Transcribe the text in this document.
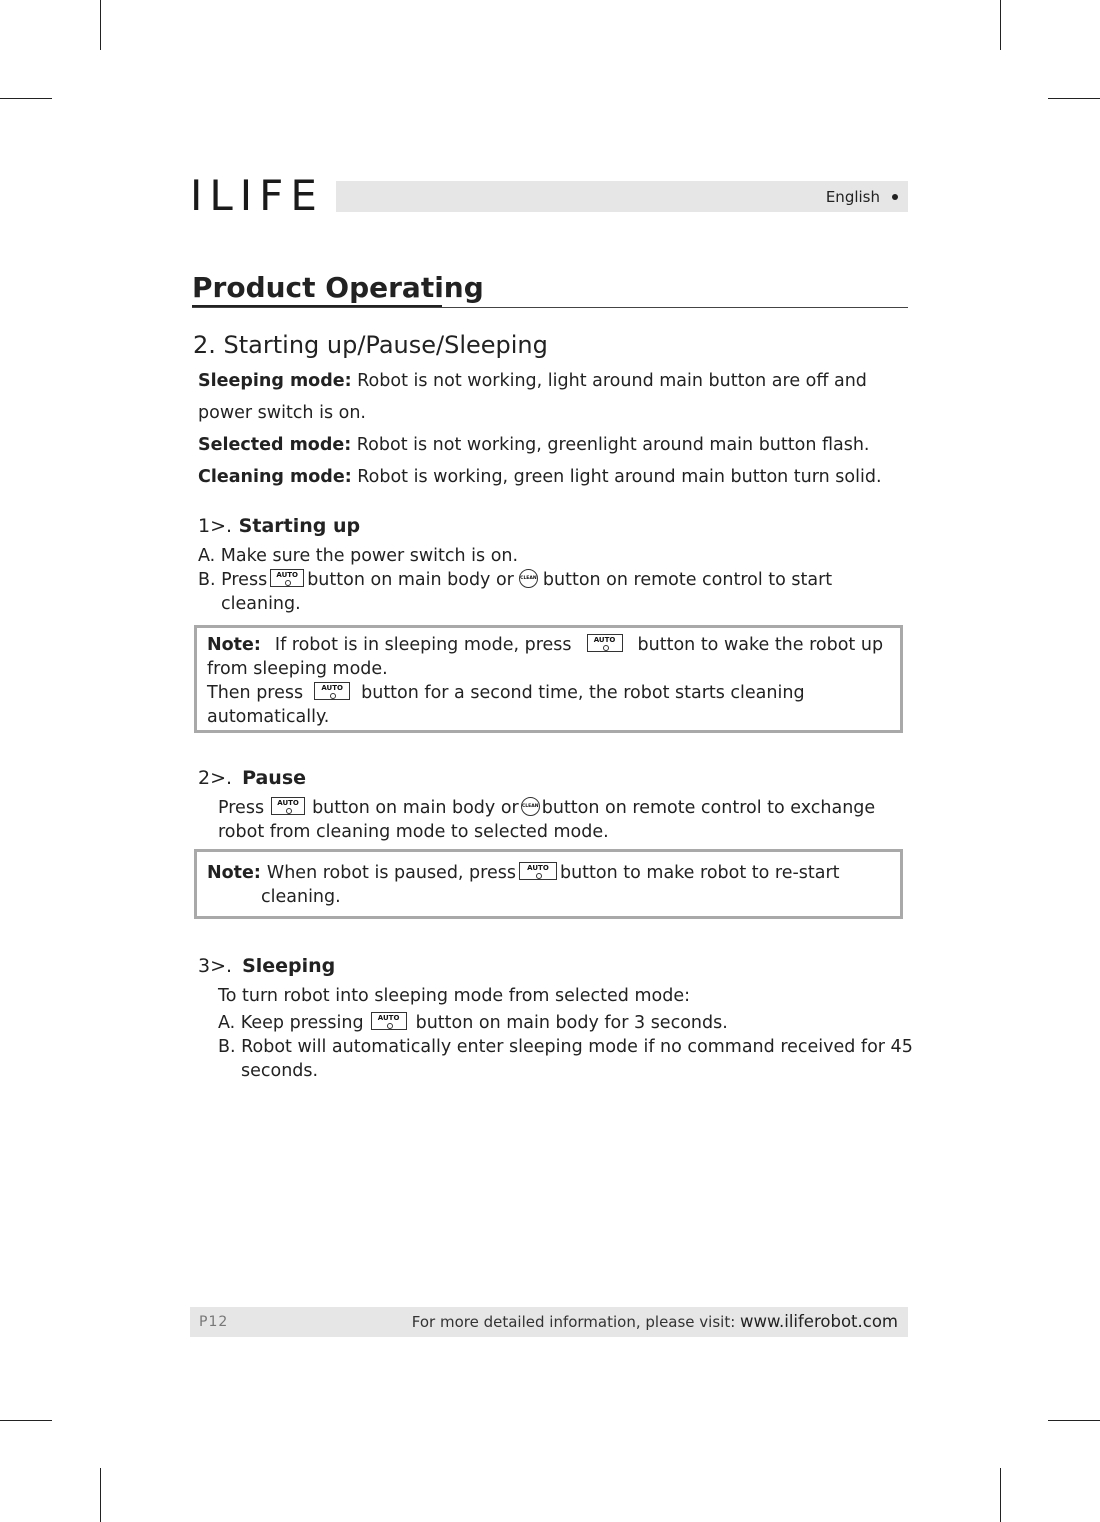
ILIFE	English
Product Operating
2. Starting up/Pause/Sleeping
Sleeping mode: Robot is not working, light around main button are off and
power switch is on.
Selected mode: Robot is not working, greenlight around main button flash.
Cleaning mode: Robot is working, green light around main button turn solid.
1>. Starting up
A. Make sure the power switch is on.
B. Press	AUTO button on main body or CLEAN button on remote control to start
cleaning.
Note: If robot is in sleeping mode, press	AUTO	button to wake the robot up
from sleeping mode.
Then press	AUTO	button for a second time, the robot starts cleaning
automatically.
2>. Pause
Press	AUTO button on main body or CLEAN button on remote control to exchange
robot from cleaning mode to selected mode.
Note: When robot is paused, press	AUTO button to make robot to re-start
cleaning.
3>. Sleeping
To turn robot into sleeping mode from selected mode:
A. Keep pressing	AUTO button on main body for 3 seconds.
B. Robot will automatically enter sleeping mode if no command received for 45
seconds.
P12	For more detailed information, please visit: www.iliferobot.com
